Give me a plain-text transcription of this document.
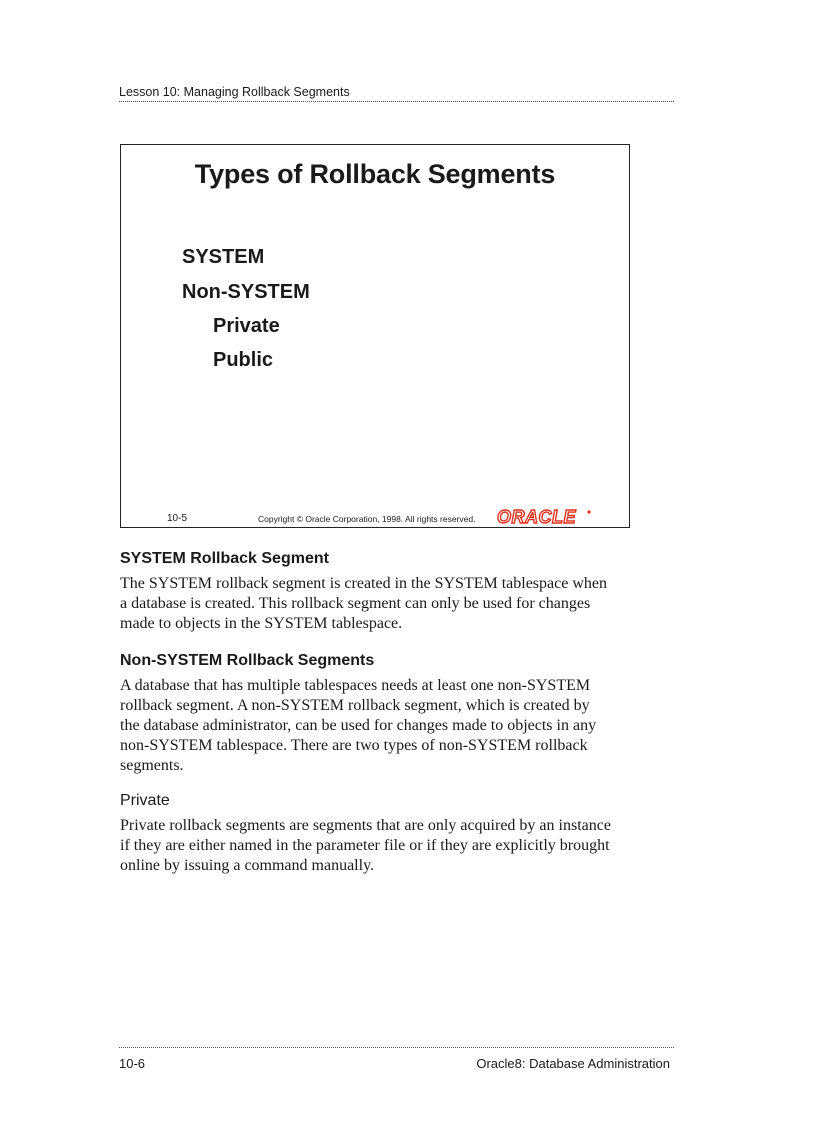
Lesson 10: Managing Rollback Segments
Types of Rollback Segments
SYSTEM
Non-SYSTEM
Private
Public
10-5	Copyright © Oracle Corporation, 1998. All rights reserved. ORACLE
SYSTEM Rollback Segment
The SYSTEM rollback segment is created in the SYSTEM tablespace when
a database is created. This rollback segment can only be used for changes
made to objects in the SYSTEM tablespace.
Non-SYSTEM Rollback Segments
A database that has multiple tablespaces needs at least one non-SYSTEM
rollback segment. A non-SYSTEM rollback segment, which is created by
the database administrator, can be used for changes made to objects in any
non-SYSTEM tablespace. There are two types of non-SYSTEM rollback
segments.
Private
Private rollback segments are segments that are only acquired by an instance
if they are either named in the parameter file or if they are explicitly brought
online by issuing a command manually.
10-6	Oracle8: Database Administration
